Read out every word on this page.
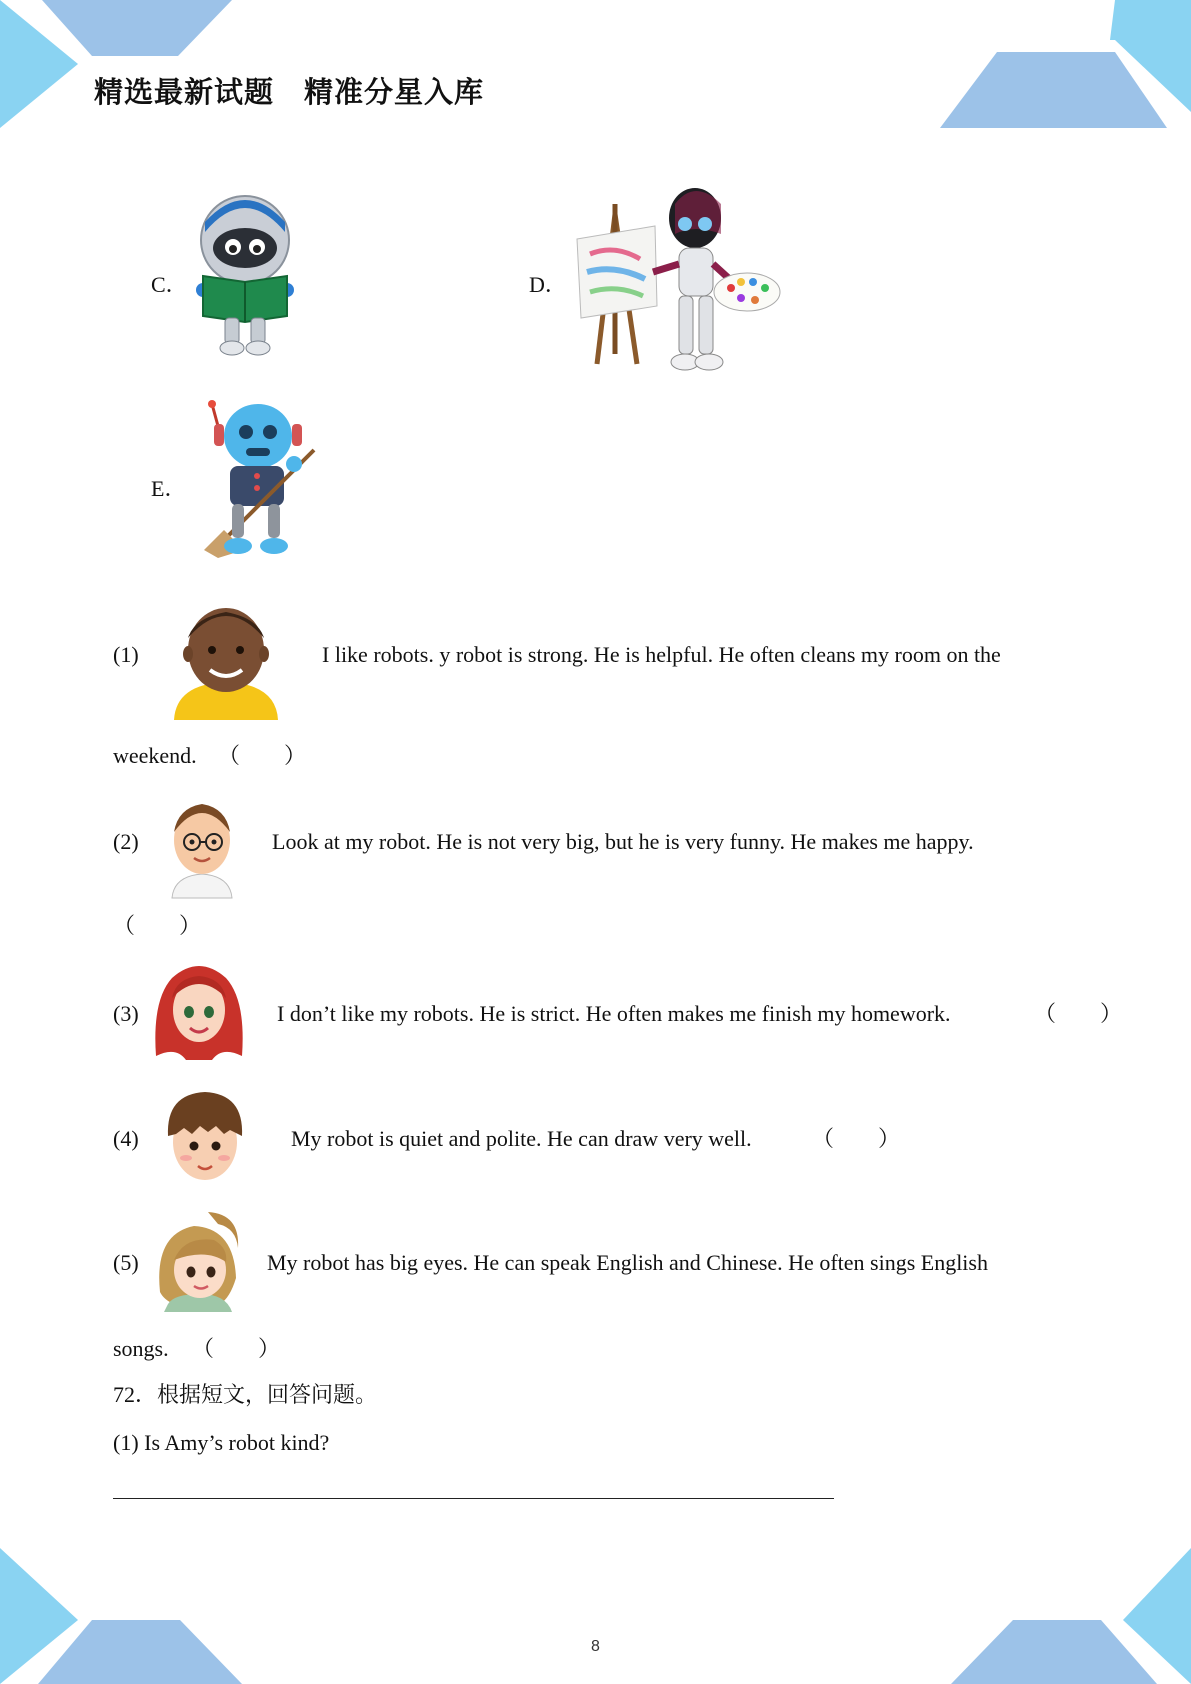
精选最新试题　精准分星入库
C．	D．
E．
(1)	I like robots. y robot is strong. He is helpful. He often cleans my room on the
weekend. （　　）
(2)	Look at my robot. He is not very big, but he is very funny. He makes me happy.
（　　）
(3)	I don’t like my robots. He is strict. He often makes me finish my homework.	（　　）
(4)	My robot is quiet and polite. He can draw very well.	（　　）
(5)	My robot has big eyes. He can speak English and Chinese. He often sings English
songs. （　　）
72．根据短文，回答问题。
(1) Is Amy’s robot kind?
8
